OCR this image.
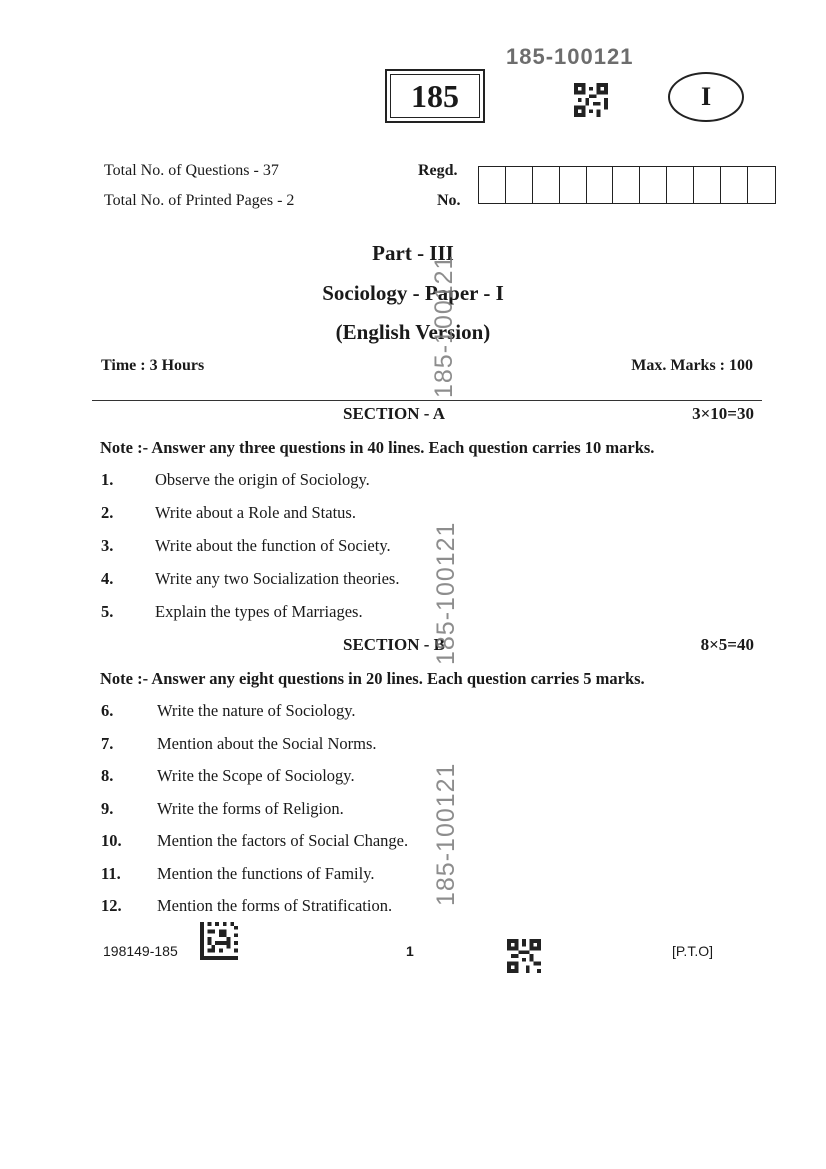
185-100121
185	I
Total No. of Questions - 37
Total No. of Printed Pages - 2
Regd.
No.
Part - III
Sociology - Paper - I
(English Version)
Time : 3 Hours	Max. Marks : 100
SECTION - A	3×10=30
Note :- Answer any three questions in 40 lines. Each question carries 10 marks.
1.	Observe the origin of Sociology.
2.	Write about a Role and Status.
3.	Write about the function of Society.
4.	Write any two Socialization theories.
5.	Explain the types of Marriages.
SECTION - B	8×5=40
Note :- Answer any eight questions in 20 lines. Each question carries 5 marks.
6.	Write the nature of Sociology.
7.	Mention about the Social Norms.
8.	Write the Scope of Sociology.
9.	Write the forms of Religion.
10. Mention the factors of Social Change.
11. Mention the functions of Family.
12. Mention the forms of Stratification.
185-100121
185-100121
185-100121
198149-185	1	[P.T.O]
